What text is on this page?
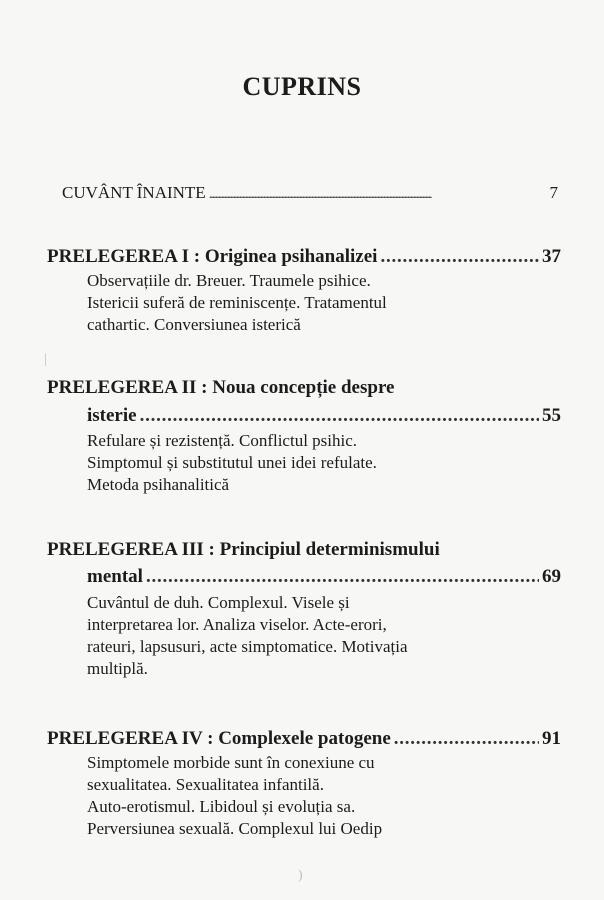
CUPRINS
CUVÂNT ÎNAINTE . . .	7
PRELEGEREA I : Originea psihanalizei . . .	37
Observațiile dr. Breuer. Traumele psihice.
Istericii suferă de reminiscențe. Tratamentul
cathartic. Conversiunea isterică
PRELEGEREA II : Noua concepție despre
isterie . . .	55
Refulare și rezistență. Conflictul psihic.
Simptomul și substitutul unei idei refulate.
Metoda psihanalitică
PRELEGEREA III : Principiul determinismului
mental . . .	69
Cuvântul de duh. Complexul. Visele și
interpretarea lor. Analiza viselor. Acte-erori,
rateuri, lapsusuri, acte simptomatice. Motivația
multiplă.
PRELEGEREA IV : Complexele patogene . . .	91
Simptomele morbide sunt în conexiune cu
sexualitatea. Sexualitatea infantilă.
Auto-erotismul. Libidoul și evoluția sa.
Perversiunea sexuală. Complexul lui Oedip
|
)
